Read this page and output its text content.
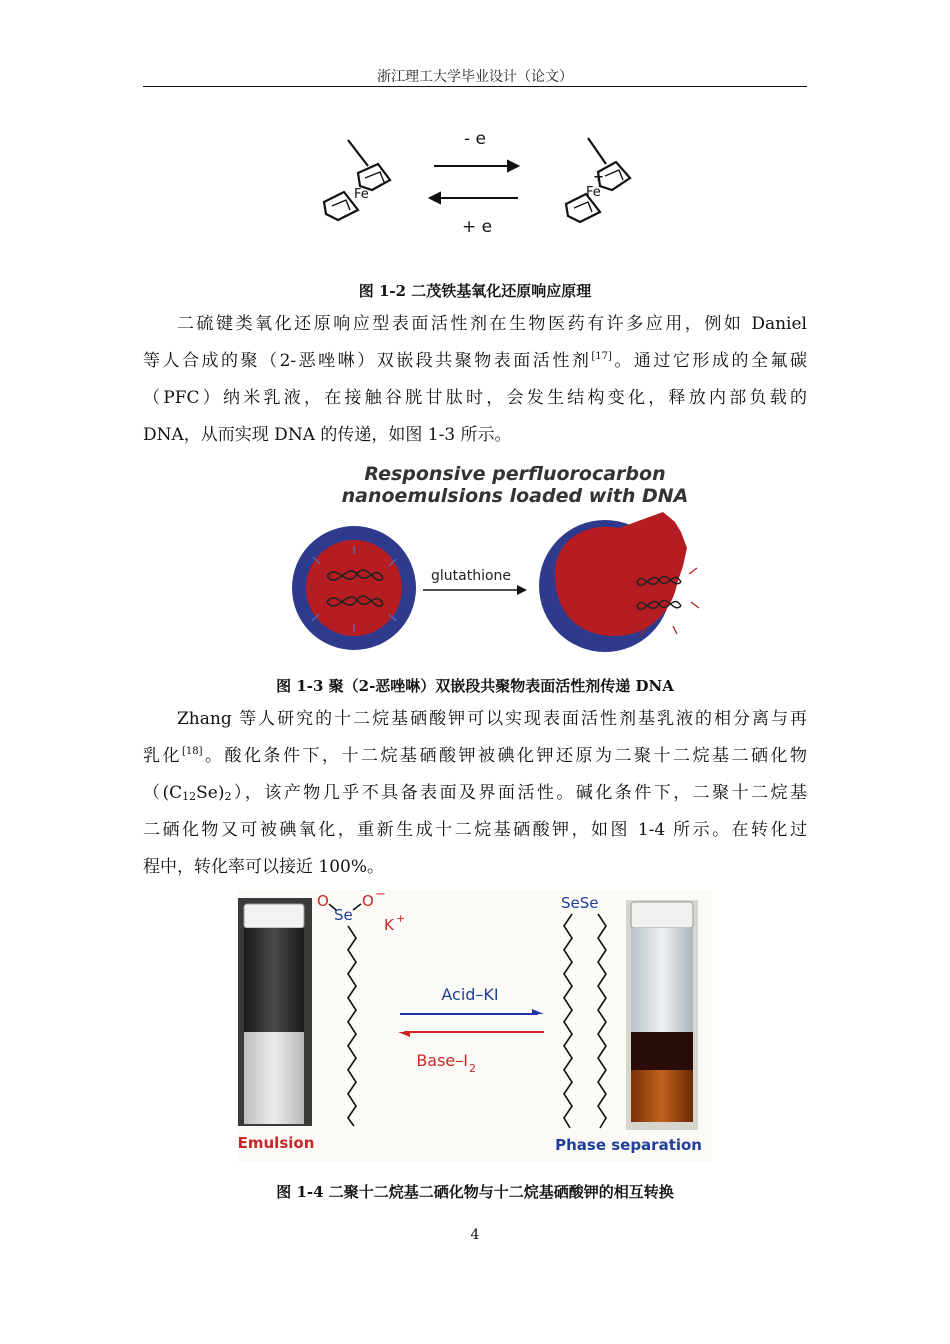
浙江理工大学毕业设计（论文）
Fe
- e
+ e
Fe
+
图 1-2 二茂铁基氧化还原响应原理
二硫键类氧化还原响应型表面活性剂在生物医药有许多应用，例如 Daniel
等人合成的聚（2-恶唑啉）双嵌段共聚物表面活性剂[17]。通过它形成的全氟碳
（PFC）纳米乳液，在接触谷胱甘肽时，会发生结构变化，释放内部负载的
DNA，从而实现 DNA 的传递，如图 1-3 所示。
Responsive perfluorocarbon
nanoemulsions loaded with DNA
glutathione
图 1-3 聚（2-恶唑啉）双嵌段共聚物表面活性剂传递 DNA
Zhang 等人研究的十二烷基硒酸钾可以实现表面活性剂基乳液的相分离与再
乳化[18]。酸化条件下，十二烷基硒酸钾被碘化钾还原为二聚十二烷基二硒化物
$((C_{12}Se)_2)$，该产物几乎不具备表面及界面活性。碱化条件下，二聚十二烷基
二硒化物又可被碘氧化，重新生成十二烷基硒酸钾，如图 1-4 所示。在转化过
程中，转化率可以接近 100%。
O
Se
O −
K +
Acid–KI
Base–I 2
SeSe
Emulsion	Phase separation
图 1-4 二聚十二烷基二硒化物与十二烷基硒酸钾的相互转换
4
